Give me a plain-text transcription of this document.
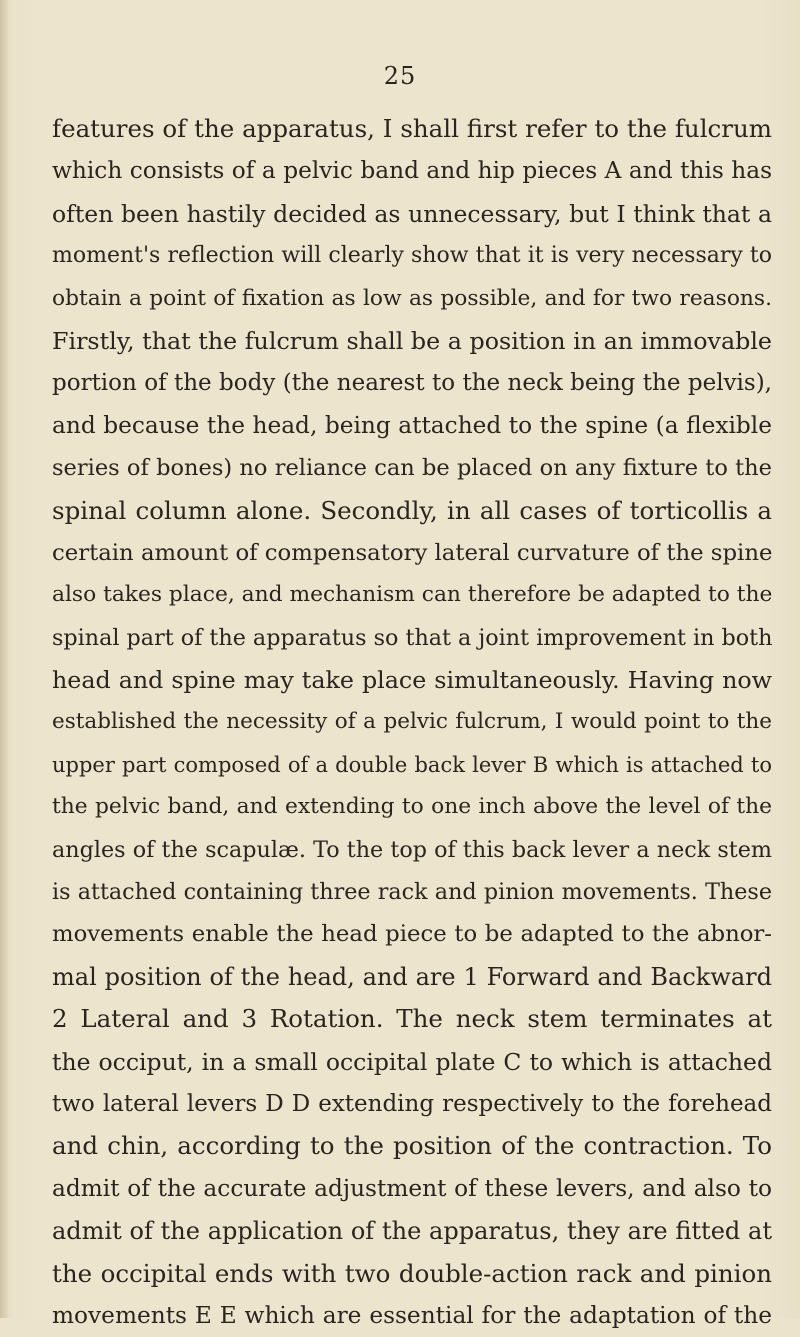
25
features of the apparatus, I shall first refer to the fulcrum
which consists of a pelvic band and hip pieces A and this has
often been hastily decided as unnecessary, but I think that a
moment's reflection will clearly show that it is very necessary to
obtain a point of fixation as low as possible, and for two reasons.
Firstly, that the fulcrum shall be a position in an immovable
portion of the body (the nearest to the neck being the pelvis),
and because the head, being attached to the spine (a flexible
series of bones) no reliance can be placed on any fixture to the
spinal column alone. Secondly, in all cases of torticollis a
certain amount of compensatory lateral curvature of the spine
also takes place, and mechanism can therefore be adapted to the
spinal part of the apparatus so that a joint improvement in both
head and spine may take place simultaneously. Having now
established the necessity of a pelvic fulcrum, I would point to the
upper part composed of a double back lever B which is attached to
the pelvic band, and extending to one inch above the level of the
angles of the scapulæ. To the top of this back lever a neck stem
is attached containing three rack and pinion movements. These
movements enable the head piece to be adapted to the abnor-
mal position of the head, and are 1 Forward and Backward
2 Lateral and 3 Rotation. The neck stem terminates at
the occiput, in a small occipital plate C to which is attached
two lateral levers D D extending respectively to the forehead
and chin, according to the position of the contraction. To
admit of the accurate adjustment of these levers, and also to
admit of the application of the apparatus, they are fitted at
the occipital ends with two double-action rack and pinion
movements E E which are essential for the adaptation of the
